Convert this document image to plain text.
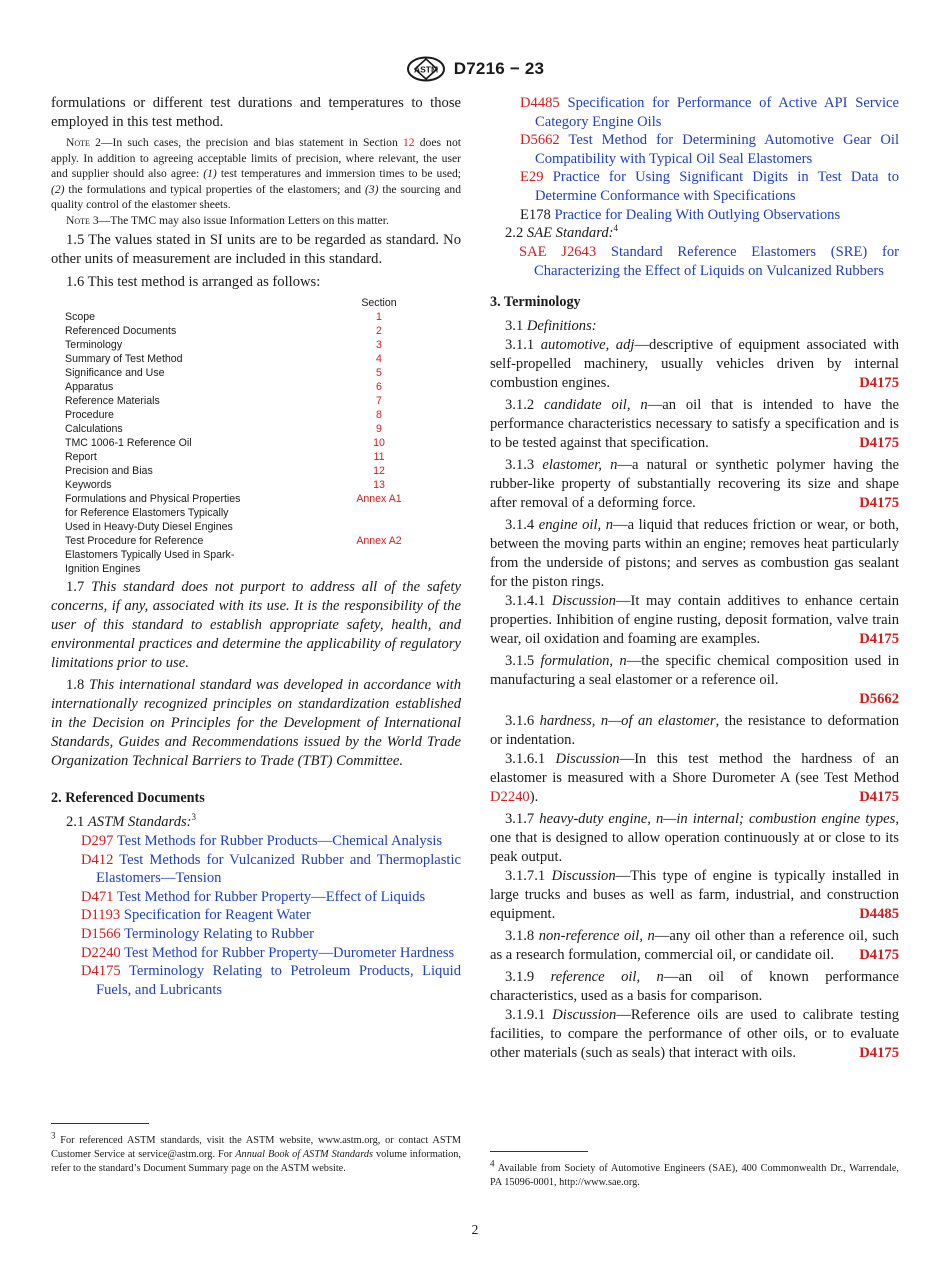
ASTM D7216 − 23

formulations or different test durations and temperatures to those employed in this test method.

Note 2—In such cases, the precision and bias statement in Section 12 does not apply. In addition to agreeing acceptable limits of precision, where relevant, the user and supplier should also agree: (1) test temperatures and immersion times to be used; (2) the formulations and typical properties of the elastomers; and (3) the sourcing and quality control of the elastomer sheets.

Note 3—The TMC may also issue Information Letters on this matter.

1.5 The values stated in SI units are to be regarded as standard. No other units of measurement are included in this standard.

1.6 This test method is arranged as follows:

Section
Scope	1
Referenced Documents	2
Terminology	3
Summary of Test Method	4
Significance and Use	5
Apparatus	6
Reference Materials	7
Procedure	8
Calculations	9
TMC 1006-1 Reference Oil	10
Report	11
Precision and Bias	12
Keywords	13
Formulations and Physical Properties	Annex A1
for Reference Elastomers Typically
Used in Heavy-Duty Diesel Engines
Test Procedure for Reference	Annex A2
Elastomers Typically Used in Spark-
Ignition Engines

1.7 This standard does not purport to address all of the safety concerns, if any, associated with its use. It is the responsibility of the user of this standard to establish appropriate safety, health, and environmental practices and determine the applicability of regulatory limitations prior to use.

1.8 This international standard was developed in accordance with internationally recognized principles on standardization established in the Decision on Principles for the Development of International Standards, Guides and Recommendations issued by the World Trade Organization Technical Barriers to Trade (TBT) Committee.

2. Referenced Documents

2.1 ASTM Standards:$^3$

D297 Test Methods for Rubber Products—Chemical Analysis

D412 Test Methods for Vulcanized Rubber and Thermoplastic Elastomers—Tension

D471 Test Method for Rubber Property—Effect of Liquids

D1193 Specification for Reagent Water

D1566 Terminology Relating to Rubber

D2240 Test Method for Rubber Property—Durometer Hardness

D4175 Terminology Relating to Petroleum Products, Liquid Fuels, and Lubricants

$^3$ For referenced ASTM standards, visit the ASTM website, www.astm.org, or contact ASTM Customer Service at service@astm.org. For Annual Book of ASTM Standards volume information, refer to the standard’s Document Summary page on the ASTM website.

D4485 Specification for Performance of Active API Service Category Engine Oils

D5662 Test Method for Determining Automotive Gear Oil Compatibility with Typical Oil Seal Elastomers

E29 Practice for Using Significant Digits in Test Data to Determine Conformance with Specifications

E178 Practice for Dealing With Outlying Observations

2.2 SAE Standard:$^4$

SAE J2643 Standard Reference Elastomers (SRE) for Characterizing the Effect of Liquids on Vulcanized Rubbers

3. Terminology

3.1 Definitions:

3.1.1 automotive, adj—descriptive of equipment associated with self-propelled machinery, usually vehicles driven by internal combustion engines.	D4175
3.1.2 candidate oil, n—an oil that is intended to have the performance characteristics necessary to satisfy a specification and is to be tested against that specification.	D4175
3.1.3 elastomer, n—a natural or synthetic polymer having the rubber-like property of substantially recovering its size and shape after removal of a deforming force.	D4175
3.1.4 engine oil, n—a liquid that reduces friction or wear, or both, between the moving parts within an engine; removes heat particularly from the underside of pistons; and serves as combustion gas sealant for the piston rings.
3.1.4.1 Discussion—It may contain additives to enhance certain properties. Inhibition of engine rusting, deposit formation, valve train wear, oil oxidation and foaming are examples.	D4175
3.1.5 formulation, n—the specific chemical composition used in manufacturing a seal elastomer or a reference oil.
D5662
3.1.6 hardness, n—of an elastomer, the resistance to deformation or indentation.
3.1.6.1 Discussion—In this test method the hardness of an elastomer is measured with a Shore Durometer A (see Test Method D2240).	D4175
3.1.7 heavy-duty engine, n—in internal; combustion engine types, one that is designed to allow operation continuously at or close to its peak output.
3.1.7.1 Discussion—This type of engine is typically installed in large trucks and buses as well as farm, industrial, and construction equipment.	D4485
3.1.8 non-reference oil, n—any oil other than a reference oil, such as a research formulation, commercial oil, or candidate oil.	D4175
3.1.9 reference oil, n—an oil of known performance characteristics, used as a basis for comparison.
3.1.9.1 Discussion—Reference oils are used to calibrate testing facilities, to compare the performance of other oils, or to evaluate other materials (such as seals) that interact with oils.	D4175

$^4$ Available from Society of Automotive Engineers (SAE), 400 Commonwealth Dr., Warrendale, PA 15096-0001, http://www.sae.org.

2
